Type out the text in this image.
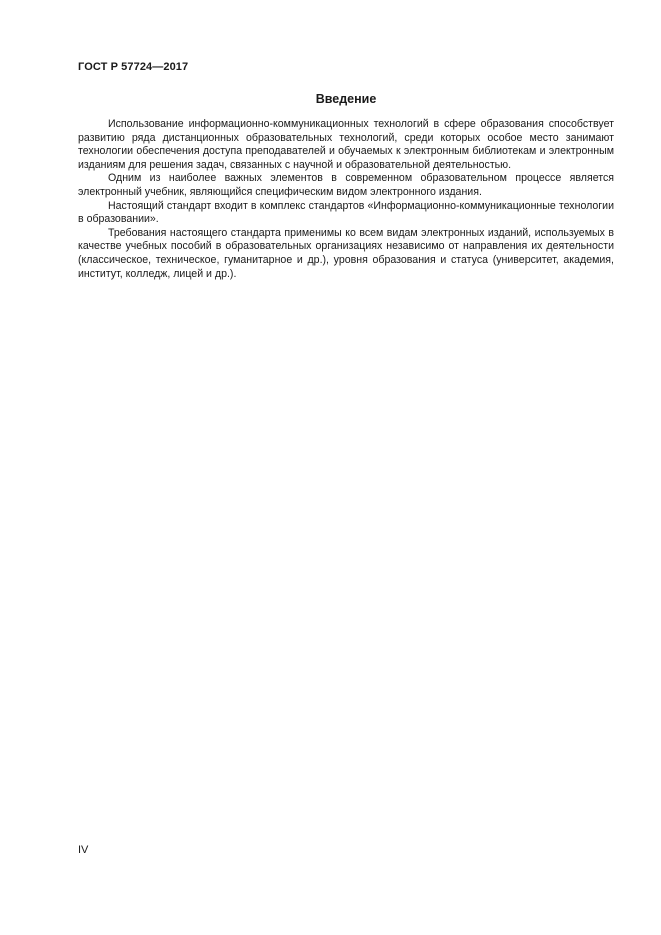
ГОСТ Р 57724—2017
Введение

Использование информационно-коммуникационных технологий в сфере образования способствует развитию ряда дистанционных образовательных технологий, среди которых особое место занимают технологии обеспечения доступа преподавателей и обучаемых к электронным библиотекам и электронным изданиям для решения задач, связанных с научной и образовательной деятельностью.

Одним из наиболее важных элементов в современном образовательном процессе является электронный учебник, являющийся специфическим видом электронного издания.

Настоящий стандарт входит в комплекс стандартов «Информационно-коммуникационные технологии в образовании».

Требования настоящего стандарта применимы ко всем видам электронных изданий, используемых в качестве учебных пособий в образовательных организациях независимо от направления их деятельности (классическое, техническое, гуманитарное и др.), уровня образования и статуса (университет, академия, институт, колледж, лицей и др.).

IV
